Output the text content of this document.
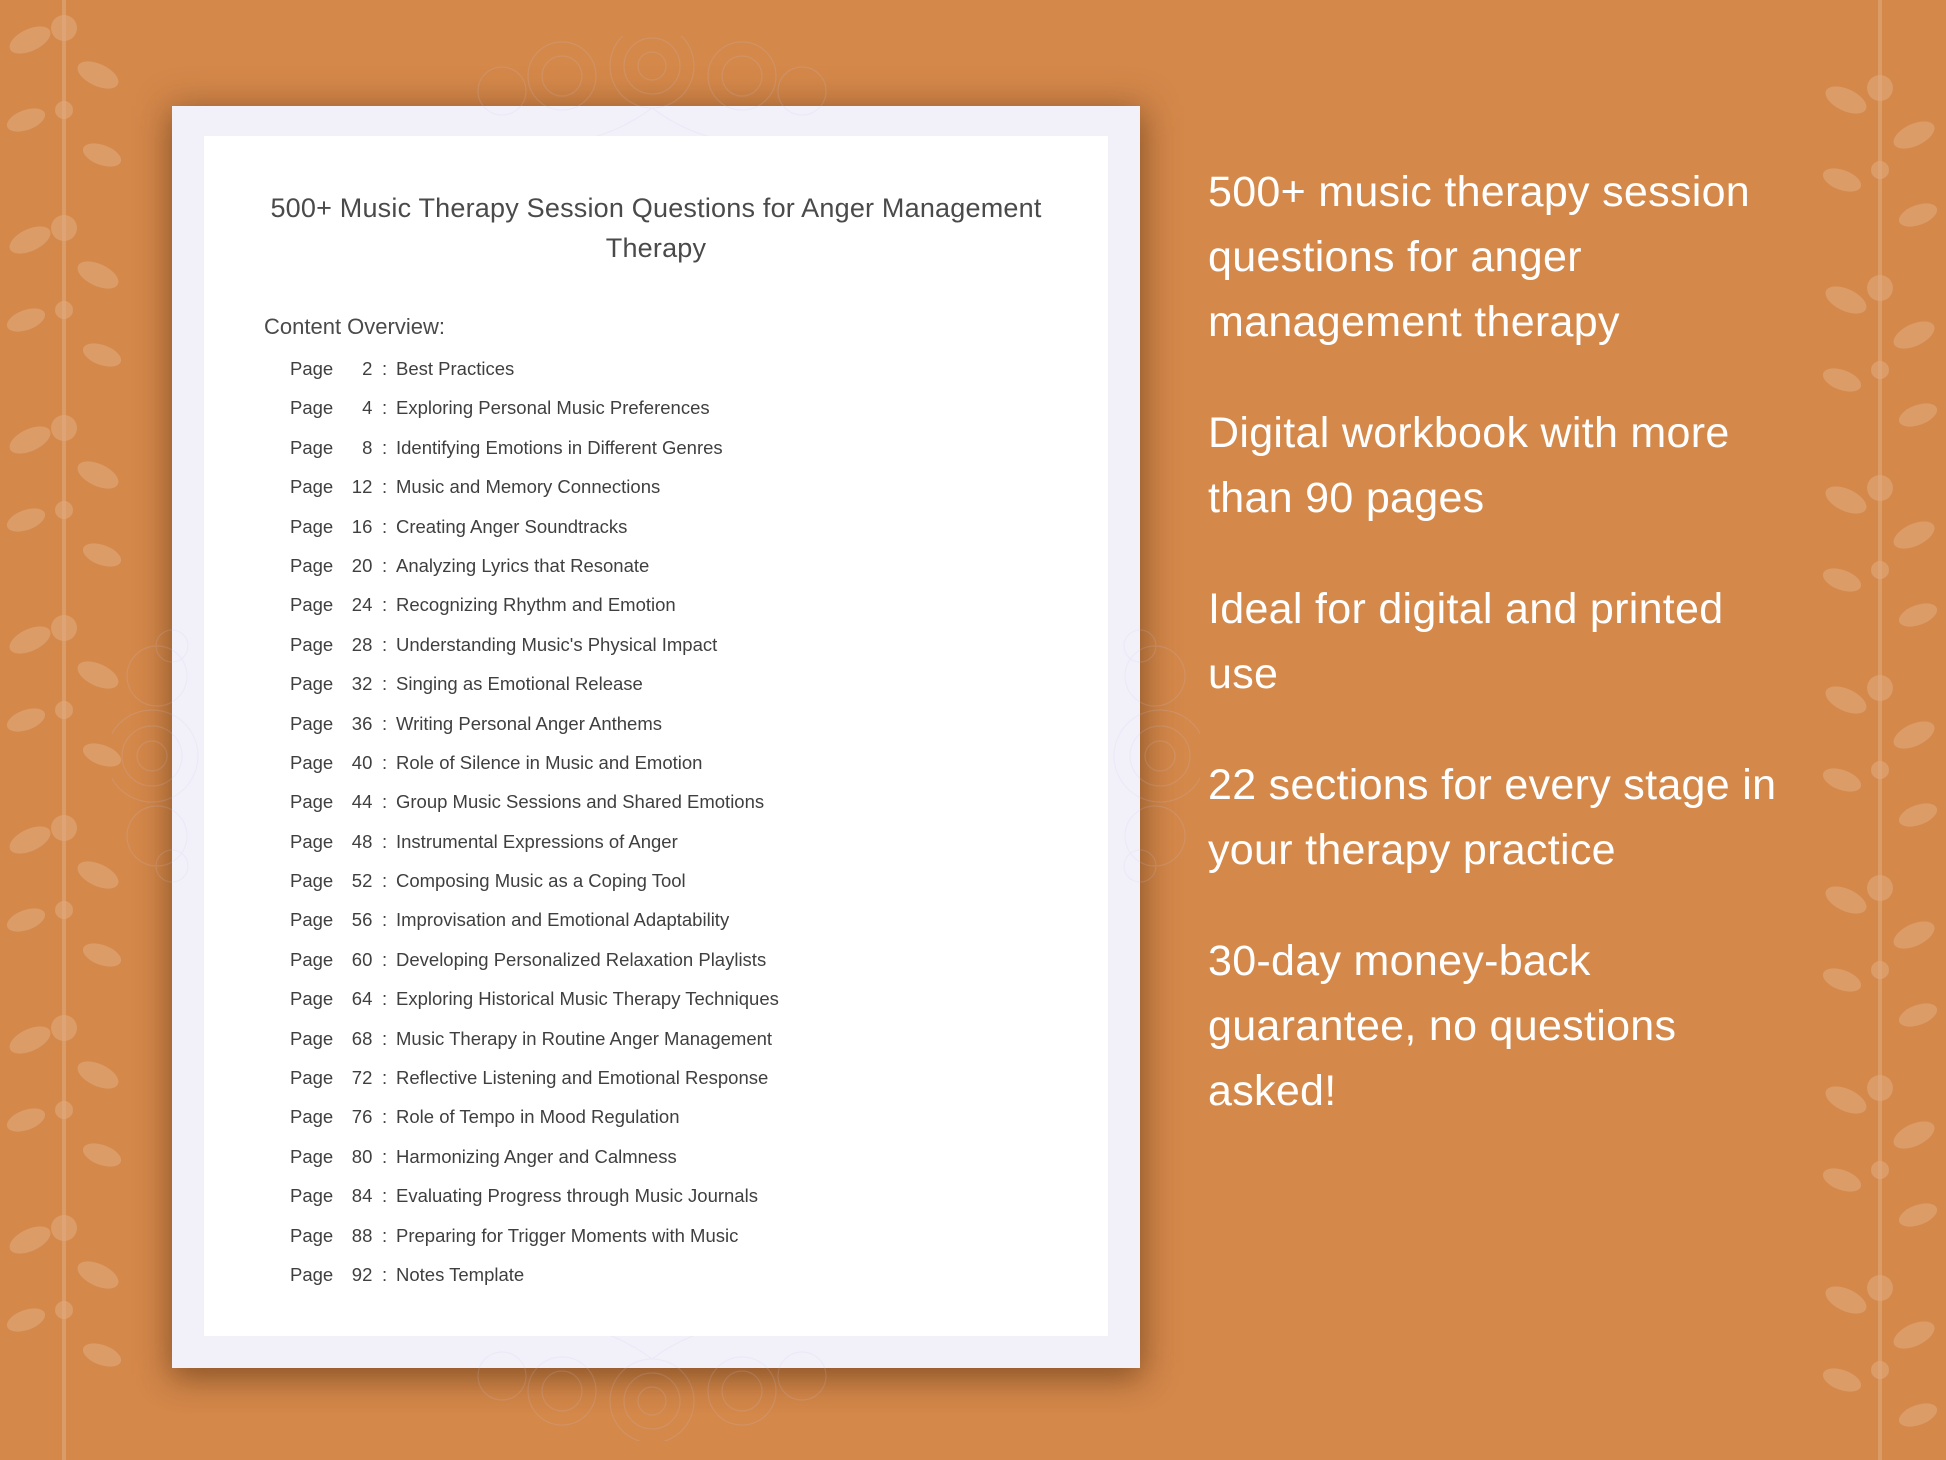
500+ Music Therapy Session Questions for Anger Management Therapy
Content Overview:
Page 2 : Best Practices
Page 4 : Exploring Personal Music Preferences
Page 8 : Identifying Emotions in Different Genres
Page 12 : Music and Memory Connections
Page 16 : Creating Anger Soundtracks
Page 20 : Analyzing Lyrics that Resonate
Page 24 : Recognizing Rhythm and Emotion
Page 28 : Understanding Music's Physical Impact
Page 32 : Singing as Emotional Release
Page 36 : Writing Personal Anger Anthems
Page 40 : Role of Silence in Music and Emotion
Page 44 : Group Music Sessions and Shared Emotions
Page 48 : Instrumental Expressions of Anger
Page 52 : Composing Music as a Coping Tool
Page 56 : Improvisation and Emotional Adaptability
Page 60 : Developing Personalized Relaxation Playlists
Page 64 : Exploring Historical Music Therapy Techniques
Page 68 : Music Therapy in Routine Anger Management
Page 72 : Reflective Listening and Emotional Response
Page 76 : Role of Tempo in Mood Regulation
Page 80 : Harmonizing Anger and Calmness
Page 84 : Evaluating Progress through Music Journals
Page 88 : Preparing for Trigger Moments with Music
Page 92 : Notes Template

500+ music therapy session questions for anger management therapy

Digital workbook with more than 90 pages

Ideal for digital and printed use

22 sections for every stage in your therapy practice

30-day money-back guarantee, no questions asked!
